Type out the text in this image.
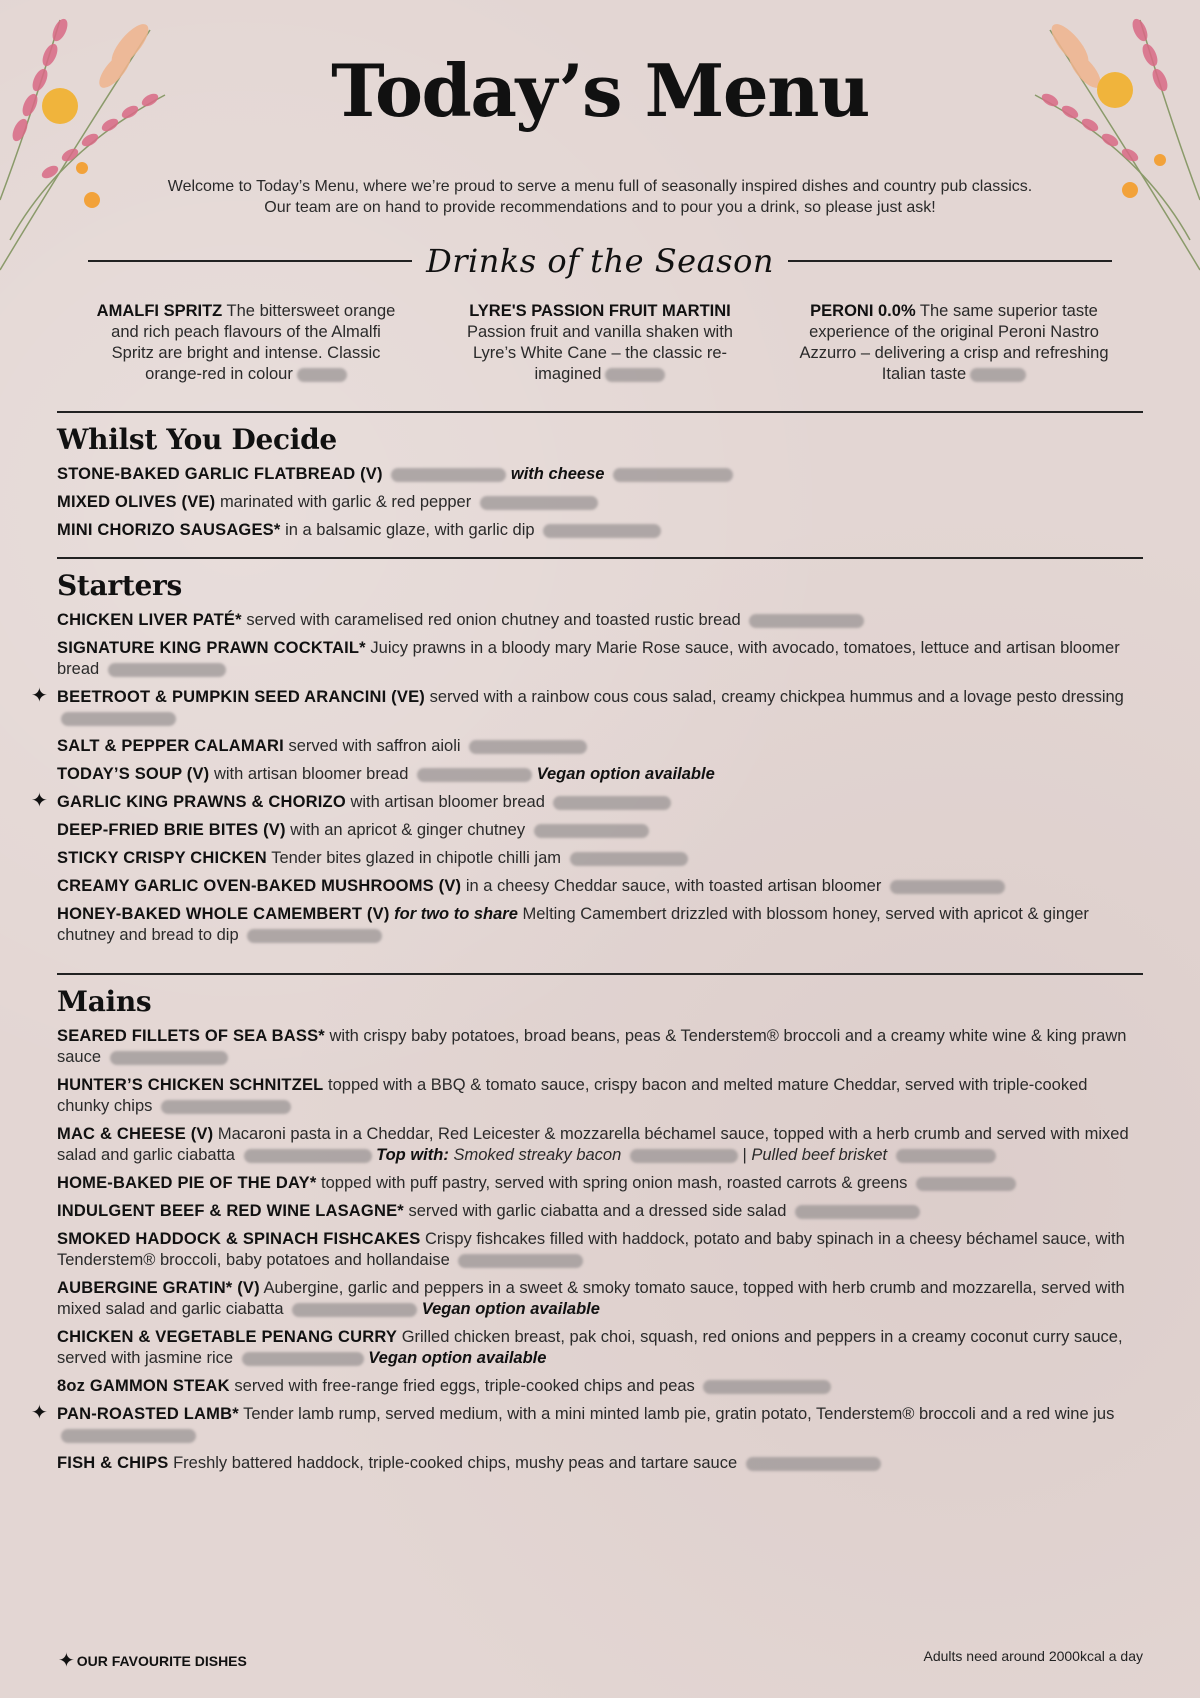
Today’s Menu
Welcome to Today’s Menu, where we’re proud to serve a menu full of seasonally inspired dishes and country pub classics.
Our team are on hand to provide recommendations and to pour you a drink, so please just ask!
Drinks of the Season
AMALFI SPRITZ The bittersweet orange and rich peach flavours of the Almalfi Spritz are bright and intense. Classic orange-red in colour
LYRE'S PASSION FRUIT MARTINI
Passion fruit and vanilla shaken with Lyre’s White Cane – the classic re-imagined
PERONI 0.0% The same superior taste experience of the original Peroni Nastro Azzurro – delivering a crisp and refreshing Italian taste
Whilst You Decide
STONE-BAKED GARLIC FLATBREAD (V)	with cheese
MIXED OLIVES (VE) marinated with garlic & red pepper
MINI CHORIZO SAUSAGES* in a balsamic glaze, with garlic dip
Starters
CHICKEN LIVER PATÉ* served with caramelised red onion chutney and toasted rustic bread
SIGNATURE KING PRAWN COCKTAIL* Juicy prawns in a bloody mary Marie Rose sauce, with avocado, tomatoes, lettuce and artisan bloomer bread
✦ BEETROOT & PUMPKIN SEED ARANCINI (VE) served with a rainbow cous cous salad, creamy chickpea hummus and a lovage pesto dressing
SALT & PEPPER CALAMARI served with saffron aioli
TODAY’S SOUP (V) with artisan bloomer bread	Vegan option available
✦ GARLIC KING PRAWNS & CHORIZO with artisan bloomer bread
DEEP-FRIED BRIE BITES (V) with an apricot & ginger chutney
STICKY CRISPY CHICKEN Tender bites glazed in chipotle chilli jam
CREAMY GARLIC OVEN-BAKED MUSHROOMS (V) in a cheesy Cheddar sauce, with toasted artisan bloomer
HONEY-BAKED WHOLE CAMEMBERT (V) for two to share Melting Camembert drizzled with blossom honey, served with apricot & ginger chutney and bread to dip
Mains
SEARED FILLETS OF SEA BASS* with crispy baby potatoes, broad beans, peas & Tenderstem® broccoli and a creamy white wine & king prawn sauce
HUNTER’S CHICKEN SCHNITZEL topped with a BBQ & tomato sauce, crispy bacon and melted mature Cheddar, served with triple-cooked chunky chips
MAC & CHEESE (V) Macaroni pasta in a Cheddar, Red Leicester & mozzarella béchamel sauce, topped with a herb crumb and served with mixed salad and garlic ciabatta	Top with: Smoked streaky bacon	| Pulled beef brisket
HOME-BAKED PIE OF THE DAY* topped with puff pastry, served with spring onion mash, roasted carrots & greens
INDULGENT BEEF & RED WINE LASAGNE* served with garlic ciabatta and a dressed side salad
SMOKED HADDOCK & SPINACH FISHCAKES Crispy fishcakes filled with haddock, potato and baby spinach in a cheesy béchamel sauce, with Tenderstem® broccoli, baby potatoes and hollandaise
AUBERGINE GRATIN* (V) Aubergine, garlic and peppers in a sweet & smoky tomato sauce, topped with herb crumb and mozzarella, served with mixed salad and garlic ciabatta	Vegan option available
CHICKEN & VEGETABLE PENANG CURRY Grilled chicken breast, pak choi, squash, red onions and peppers in a creamy coconut curry sauce, served with jasmine rice	Vegan option available
8oz GAMMON STEAK served with free-range fried eggs, triple-cooked chips and peas
✦ PAN-ROASTED LAMB* Tender lamb rump, served medium, with a mini minted lamb pie, gratin potato, Tenderstem® broccoli and a red wine jus
FISH & CHIPS Freshly battered haddock, triple-cooked chips, mushy peas and tartare sauce
✦ OUR FAVOURITE DISHES	Adults need around 2000kcal a day
